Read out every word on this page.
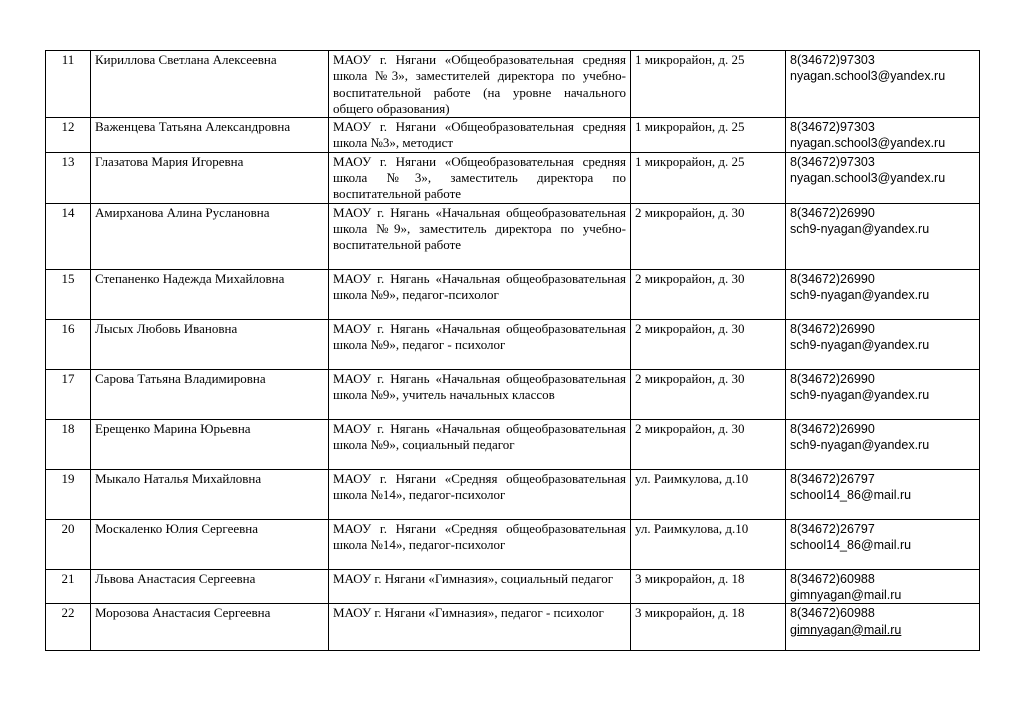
11	Кириллова Светлана Алексеевна	МАОУ г. Нягани «Общеобразовательная средняя школа №3», заместителей директора по учебно-воспитательной работе (на уровне начального общего образования)	1 микрорайон, д. 25	8(34672)97303
nyagan.school3@yandex.ru

12	Важенцева Татьяна Александровна	МАОУ г. Нягани «Общеобразовательная средняя школа №3», методист	1 микрорайон, д. 25	8(34672)97303
nyagan.school3@yandex.ru

13	Глазатова Мария Игоревна	МАОУ г. Нягани «Общеобразовательная средняя школа №3», заместитель директора по воспитательной работе	1 микрорайон, д. 25	8(34672)97303
nyagan.school3@yandex.ru

14	Амирханова Алина Руслановна	МАОУ г. Нягань «Начальная общеобразовательная школа №9», заместитель директора по учебно-воспитательной работе	2 микрорайон, д. 30	8(34672)26990
sch9-nyagan@yandex.ru

15	Степаненко Надежда Михайловна	МАОУ г. Нягань «Начальная общеобразовательная школа №9», педагог-психолог	2 микрорайон, д. 30	8(34672)26990
sch9-nyagan@yandex.ru

16	Лысых Любовь Ивановна	МАОУ г. Нягань «Начальная общеобразовательная школа №9», педагог - психолог	2 микрорайон, д. 30	8(34672)26990
sch9-nyagan@yandex.ru

17	Сарова Татьяна Владимировна	МАОУ г. Нягань «Начальная общеобразовательная школа №9», учитель начальных классов	2 микрорайон, д. 30	8(34672)26990
sch9-nyagan@yandex.ru

18	Ерещенко Марина Юрьевна	МАОУ г. Нягань «Начальная общеобразовательная школа №9», социальный педагог	2 микрорайон, д. 30	8(34672)26990
sch9-nyagan@yandex.ru

19	Мыкало Наталья Михайловна	МАОУ г. Нягани «Средняя общеобразовательная школа №14», педагог-психолог	ул. Раимкулова, д.10	8(34672)26797
school14_86@mail.ru

20	Москаленко Юлия Сергеевна	МАОУ г. Нягани «Средняя общеобразовательная школа №14», педагог-психолог	ул. Раимкулова, д.10	8(34672)26797
school14_86@mail.ru

21	Львова Анастасия Сергеевна	МАОУ г. Нягани «Гимназия», социальный педагог	3 микрорайон, д. 18	8(34672)60988
gimnyagan@mail.ru

22	Морозова Анастасия Сергеевна	МАОУ г. Нягани «Гимназия», педагог - психолог	3 микрорайон, д. 18	8(34672)60988
gimnyagan@mail.ru
